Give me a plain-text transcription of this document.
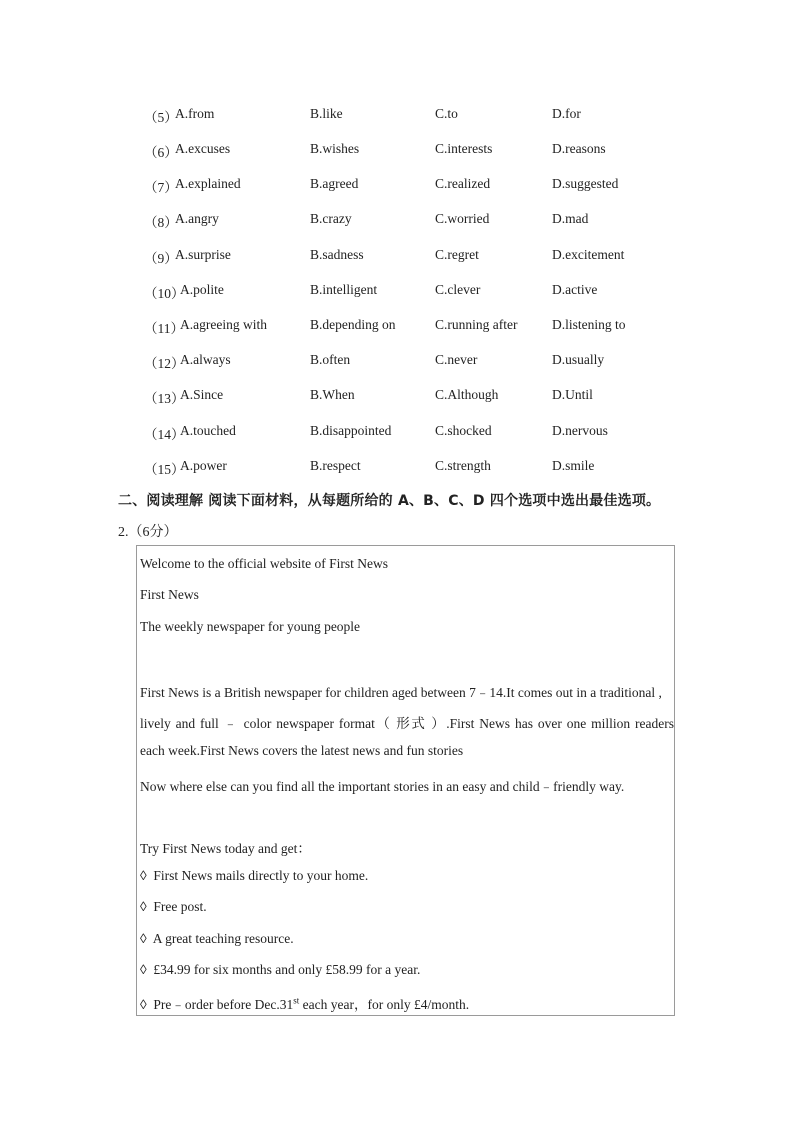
（5）
A.from	B.like	C.to	D.for
（6）
A.excuses	B.wishes	C.interests	D.reasons
（7）
A.explained	B.agreed	C.realized	D.suggested
（8）
A.angry	B.crazy	C.worried	D.mad
（9）
A.surprise	B.sadness	C.regret	D.excitement
（10）
A.polite	B.intelligent	C.clever	D.active
（11）
A.agreeing with	B.depending on	C.running after	D.listening to
（12）
A.always	B.often	C.never	D.usually
（13）
A.Since	B.When	C.Although	D.Until
（14）
A.touched	B.disappointed	C.shocked	D.nervous
（15）
A.power	B.respect	C.strength	D.smile
二、阅读理解 阅读下面材料，从每题所给的 A、B、C、D 四个选项中选出最佳选项。
2.（6分）
Welcome to the official website of First News
First News
The weekly newspaper for young people
First News is a British newspaper for children aged between 7﹣14.It comes out in a traditional ,
lively and full ﹣ color newspaper format（ 形式 ）.First News has over one million readers
each week.First News covers the latest news and fun stories
Now where else can you find all the important stories in an easy and child﹣friendly way.
Try First News today and get：
◊ First News mails directly to your home.
◊ Free post.
◊ A great teaching resource.
◊ £34.99 for six months and only £58.99 for a year.
◊ Pre﹣order before Dec.31st each year，for only £4/month.
